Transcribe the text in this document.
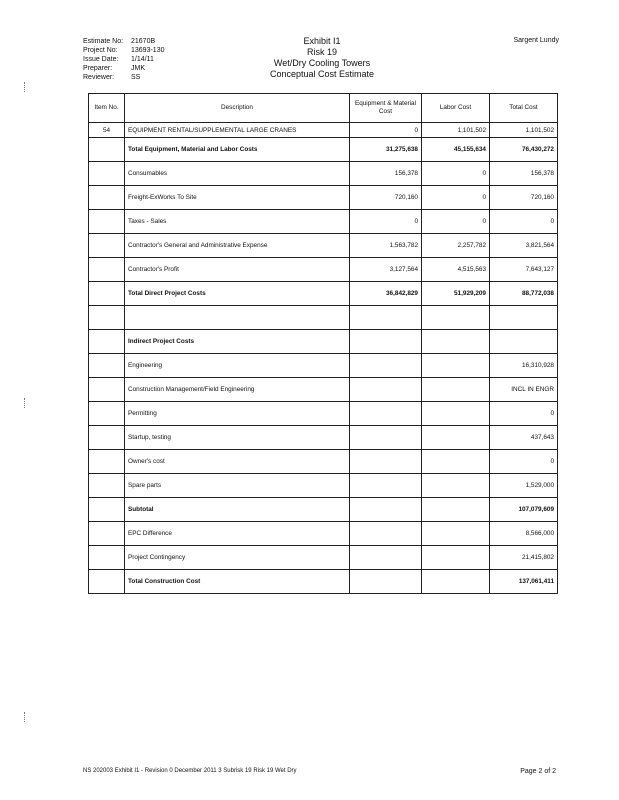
Estimate No: 21670B
Project No: 13693-130
Issue Date: 1/14/11
Preparer:	JMK
Reviewer: SS
Exhibit I1
Risk 19
Wet/Dry Cooling Towers
Conceptual Cost Estimate
Sargent Lundy
Item No.	Description	Equipment & Material Cost	Labor Cost	Total Cost
54	EQUIPMENT RENTAL/SUPPLEMENTAL LARGE CRANES	0	1,101,502	1,101,502
	Total Equipment, Material and Labor Costs	31,275,638	45,155,634	76,430,272
	Consumables	156,378	0	156,378
	Freight-ExWorks To Site	720,160	0	720,160
	Taxes - Sales	0	0	0
	Contractor's General and Administrative Expense	1,563,782	2,257,782	3,821,564
	Contractor's Profit	3,127,564	4,515,563	7,643,127
	Total Direct Project Costs	36,842,829	51,929,209	88,772,038

	Indirect Project Costs			
	Engineering			16,310,928
	Construction Management/Field Engineering			INCL IN ENGR
	Permitting			0
	Startup, testing			437,643
	Owner's cost			0
	Spare parts			1,529,000
	Subtotal			107,079,609
	EPC Difference			8,566,000
	Project Contingency			21,415,802
	Total Construction Cost			137,061,411
NS 202003 Exhibit I1 - Revision 0 December 2011 3 Subrisk 19 Risk 19 Wet Dry	Page 2 of 2
